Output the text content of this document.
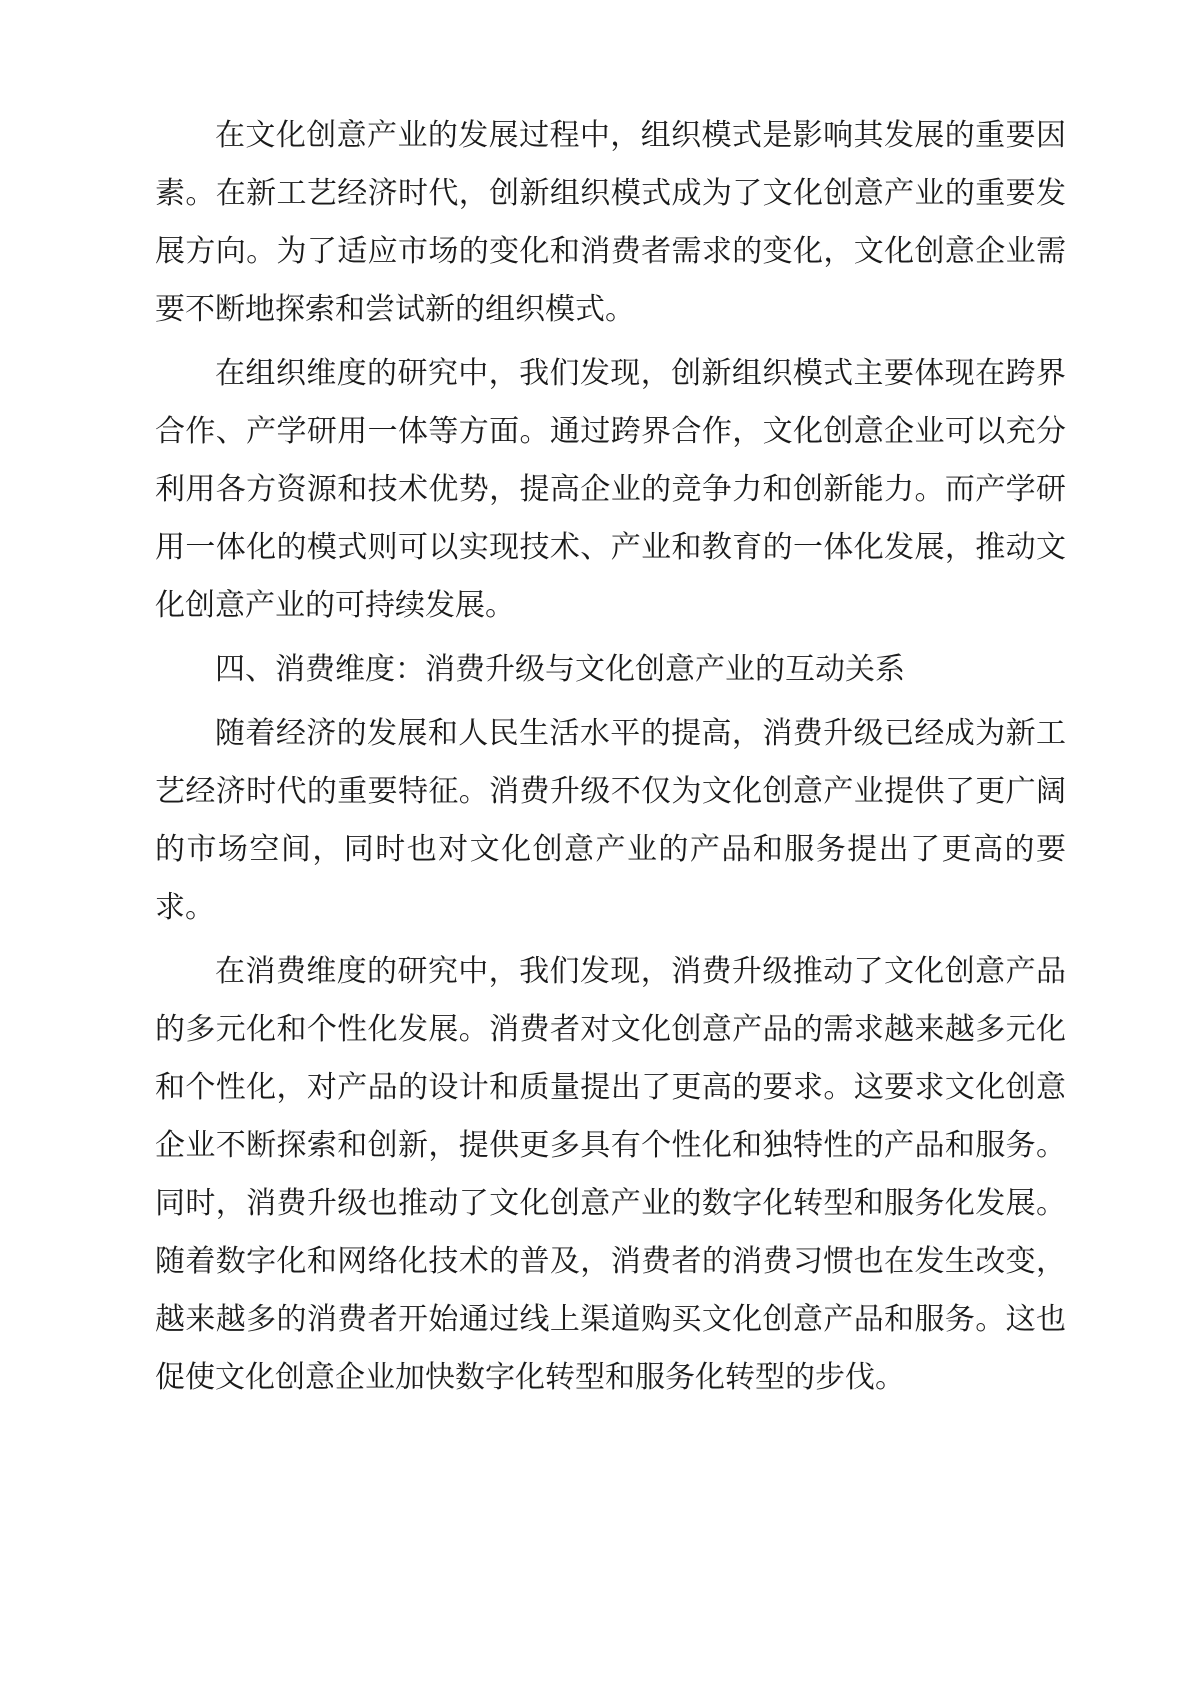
在文化创意产业的发展过程中，组织模式是影响其发展的重要因素。在新工艺经济时代，创新组织模式成为了文化创意产业的重要发展方向。为了适应市场的变化和消费者需求的变化，文化创意企业需要不断地探索和尝试新的组织模式。

在组织维度的研究中，我们发现，创新组织模式主要体现在跨界合作、产学研用一体等方面。通过跨界合作，文化创意企业可以充分利用各方资源和技术优势，提高企业的竞争力和创新能力。而产学研用一体化的模式则可以实现技术、产业和教育的一体化发展，推动文化创意产业的可持续发展。

四、消费维度：消费升级与文化创意产业的互动关系

随着经济的发展和人民生活水平的提高，消费升级已经成为新工艺经济时代的重要特征。消费升级不仅为文化创意产业提供了更广阔的市场空间，同时也对文化创意产业的产品和服务提出了更高的要求。

在消费维度的研究中，我们发现，消费升级推动了文化创意产品的多元化和个性化发展。消费者对文化创意产品的需求越来越多元化和个性化，对产品的设计和质量提出了更高的要求。这要求文化创意企业不断探索和创新，提供更多具有个性化和独特性的产品和服务。同时，消费升级也推动了文化创意产业的数字化转型和服务化发展。随着数字化和网络化技术的普及，消费者的消费习惯也在发生改变，越来越多的消费者开始通过线上渠道购买文化创意产品和服务。这也促使文化创意企业加快数字化转型和服务化转型的步伐。
